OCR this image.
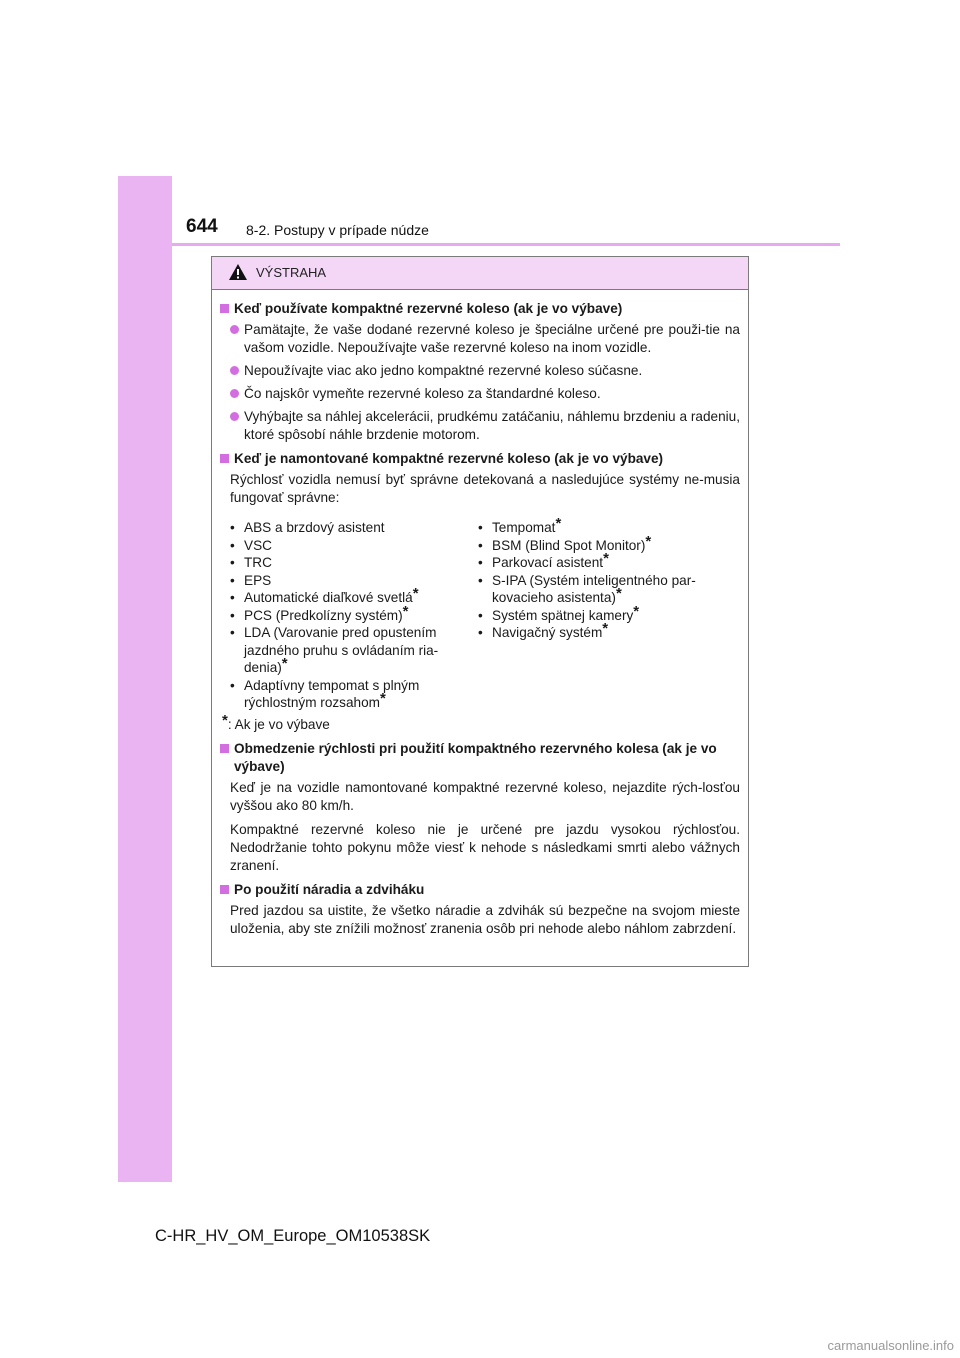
644 8-2. Postupy v prípade núdze
VÝSTRAHA
Keď používate kompaktné rezervné koleso (ak je vo výbave)
Pamätajte, že vaše dodané rezervné koleso je špeciálne určené pre použi-tie na vašom vozidle. Nepoužívajte vaše rezervné koleso na inom vozidle.
Nepoužívajte viac ako jedno kompaktné rezervné koleso súčasne.
Čo najskôr vymeňte rezervné koleso za štandardné koleso.
Vyhýbajte sa náhlej akcelerácii, prudkému zatáčaniu, náhlemu brzdeniu a radeniu, ktoré spôsobí náhle brzdenie motorom.
Keď je namontované kompaktné rezervné koleso (ak je vo výbave)
Rýchlosť vozidla nemusí byť správne detekovaná a nasledujúce systémy ne-musia fungovať správne:
• ABS a brzdový asistent
• VSC
• TRC
• EPS
• Automatické diaľkové svetlá*
• PCS (Predkolízny systém)*
• LDA (Varovanie pred opustením jazdného pruhu s ovládaním ria-denia)*
• Adaptívny tempomat s plným rýchlostným rozsahom*
• Tempomat*
• BSM (Blind Spot Monitor)*
• Parkovací asistent*
• S-IPA (Systém inteligentného par-kovacieho asistenta)*
• Systém spätnej kamery*
• Navigačný systém*
*: Ak je vo výbave
Obmedzenie rýchlosti pri použití kompaktného rezervného kolesa (ak je vo výbave)
Keď je na vozidle namontované kompaktné rezervné koleso, nejazdite rých-losťou vyššou ako 80 km/h.
Kompaktné rezervné koleso nie je určené pre jazdu vysokou rýchlosťou. Nedodržanie tohto pokynu môže viesť k nehode s následkami smrti alebo vážnych zranení.
Po použití náradia a zdviháku
Pred jazdou sa uistite, že všetko náradie a zdvihák sú bezpečne na svojom mieste uloženia, aby ste znížili možnosť zranenia osôb pri nehode alebo náhlom zabrzdení.
C-HR_HV_OM_Europe_OM10538SK
carmanualsonline.info
